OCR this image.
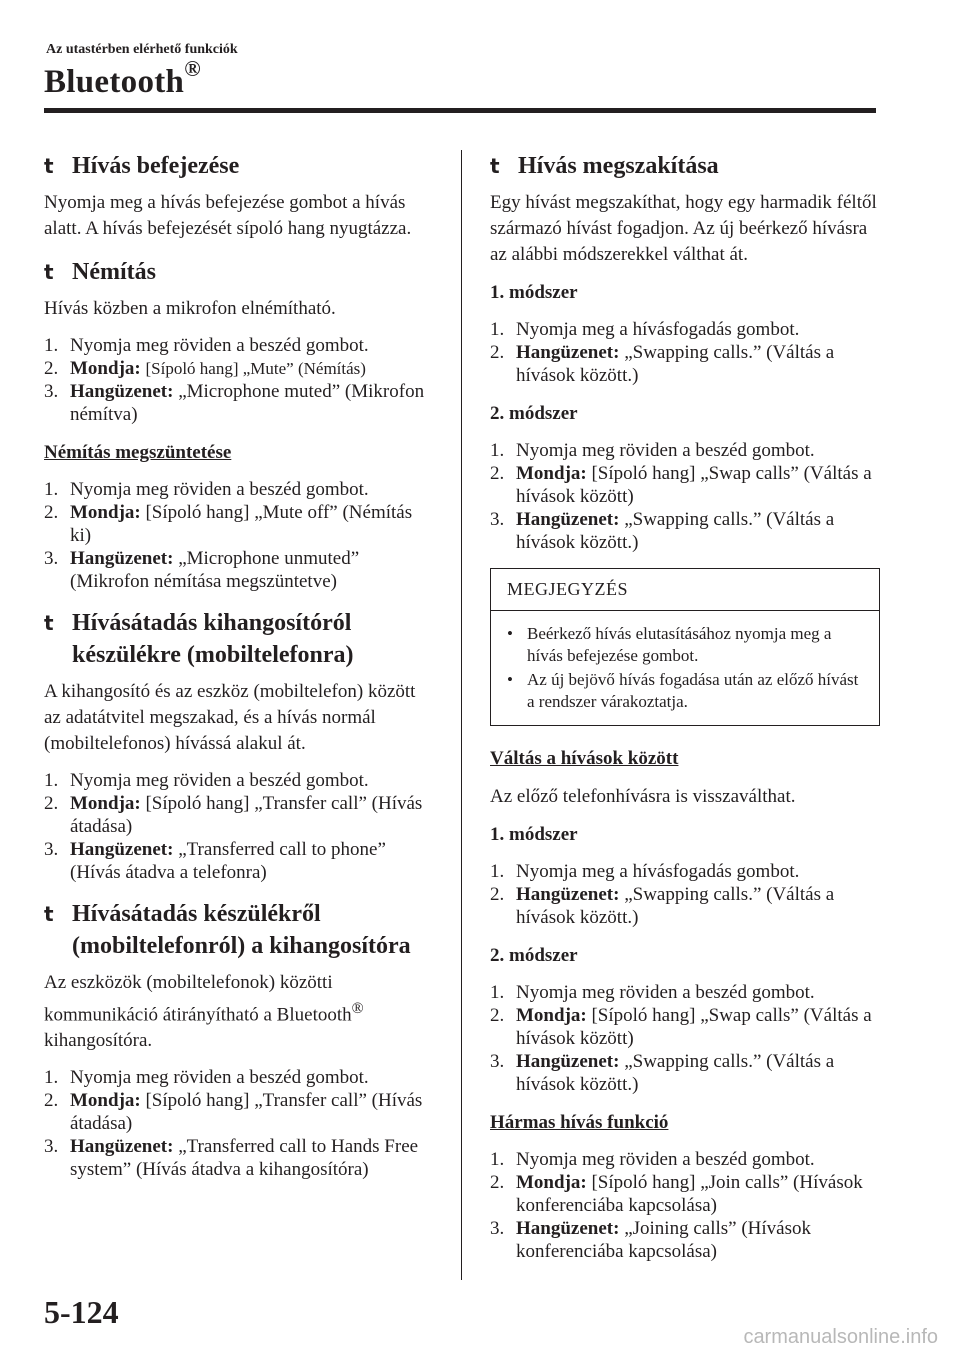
Az utastérben elérhető funkciók
Bluetooth®
t Hívás befejezése

Nyomja meg a hívás befejezése gombot a hívás alatt. A hívás befejezését sípoló hang nyugtázza.

t Némítás

Hívás közben a mikrofon elnémítható.

1. Nyomja meg röviden a beszéd gombot.
2. Mondja: [Sípoló hang] „Mute” (Némítás)
3. Hangüzenet: „Microphone muted” (Mikrofon némítva)
Némítás megszüntetése
1. Nyomja meg röviden a beszéd gombot.
2. Mondja: [Sípoló hang] „Mute off” (Némítás ki)
3. Hangüzenet: „Microphone unmuted” (Mikrofon némítása megszüntetve)
t Hívásátadás kihangosítóról készülékre (mobiltelefonra)

A kihangosító és az eszköz (mobiltelefon) között az adatátvitel megszakad, és a hívás normál (mobiltelefonos) hívássá alakul át.

1. Nyomja meg röviden a beszéd gombot.
2. Mondja: [Sípoló hang] „Transfer call” (Hívás átadása)
3. Hangüzenet: „Transferred call to phone” (Hívás átadva a telefonra)
t Hívásátadás készülékről (mobiltelefonról) a kihangosítóra

Az eszközök (mobiltelefonok) közötti kommunikáció átirányítható a Bluetooth® kihangosítóra.

1. Nyomja meg röviden a beszéd gombot.
2. Mondja: [Sípoló hang] „Transfer call” (Hívás átadása)
3. Hangüzenet: „Transferred call to Hands Free system” (Hívás átadva a kihangosítóra)
t Hívás megszakítása

Egy hívást megszakíthat, hogy egy harmadik féltől származó hívást fogadjon. Az új beérkező hívásra az alábbi módszerekkel válthat át.

1. módszer
1. Nyomja meg a hívásfogadás gombot.
2. Hangüzenet: „Swapping calls.” (Váltás a hívások között.)
2. módszer
1. Nyomja meg röviden a beszéd gombot.
2. Mondja: [Sípoló hang] „Swap calls” (Váltás a hívások között)
3. Hangüzenet: „Swapping calls.” (Váltás a hívások között.)
MEGJEGYZÉS
• Beérkező hívás elutasításához nyomja meg a hívás befejezése gombot.
• Az új bejövő hívás fogadása után az előző hívást a rendszer várakoztatja.
Váltás a hívások között

Az előző telefonhívásra is visszaválthat.

1. módszer
1. Nyomja meg a hívásfogadás gombot.
2. Hangüzenet: „Swapping calls.” (Váltás a hívások között.)
2. módszer
1. Nyomja meg röviden a beszéd gombot.
2. Mondja: [Sípoló hang] „Swap calls” (Váltás a hívások között)
3. Hangüzenet: „Swapping calls.” (Váltás a hívások között.)
Hármas hívás funkció
1. Nyomja meg röviden a beszéd gombot.
2. Mondja: [Sípoló hang] „Join calls” (Hívások konferenciába kapcsolása)
3. Hangüzenet: „Joining calls” (Hívások konferenciába kapcsolása)
5-124
carmanualsonline.info
